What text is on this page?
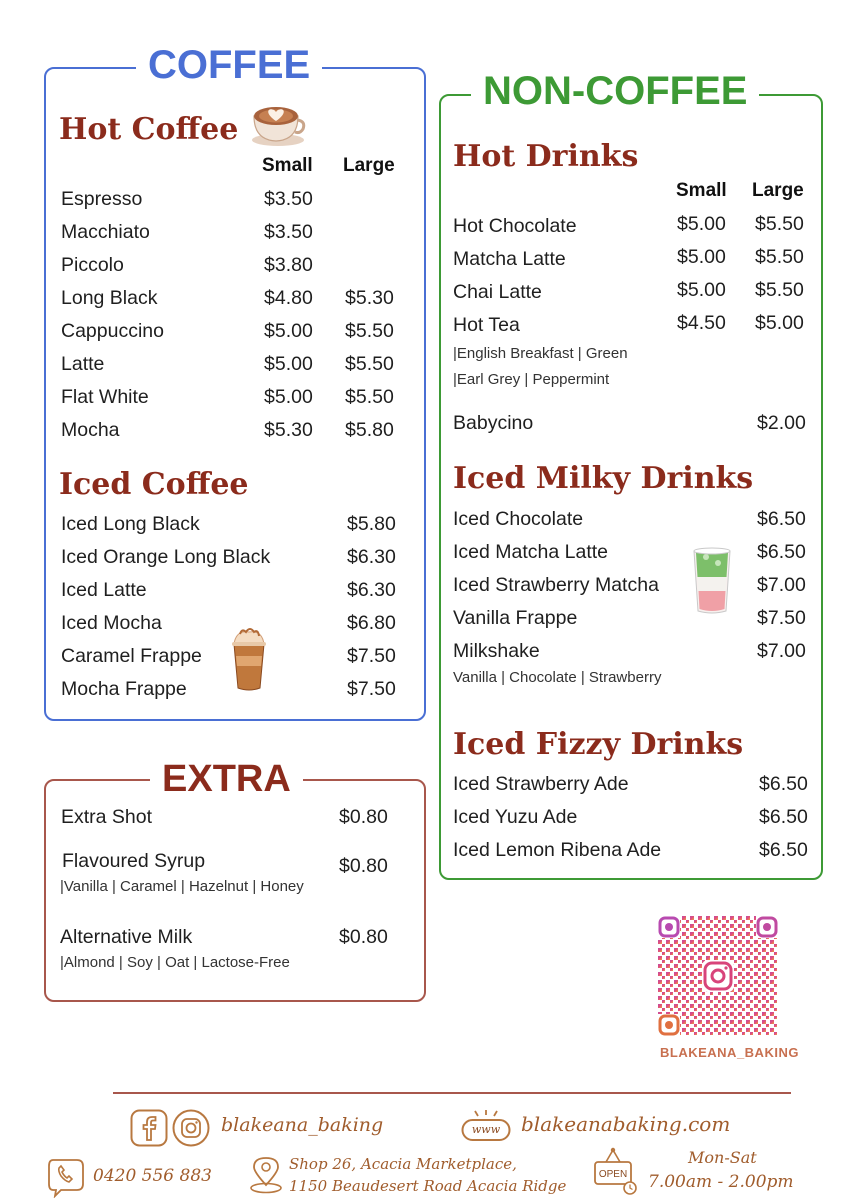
COFFEE
Hot Coffee
Small Large
Espresso	$3.50
Macchiato	$3.50
Piccolo	$3.80
Long Black	$4.80 $5.30
Cappuccino	$5.00 $5.50
Latte	$5.00 $5.50
Flat White	$5.00 $5.50
Mocha	$5.30 $5.80
Iced Coffee
Iced Long Black	$5.80
Iced Orange Long Black	$6.30
Iced Latte	$6.30
Iced Mocha	$6.80
Caramel Frappe	$7.50
Mocha Frappe	$7.50
NON-COFFEE
Hot Drinks
Small Large
Hot Chocolate	$5.00 $5.50
Matcha Latte	$5.00 $5.50
Chai Latte	$5.00 $5.50
Hot Tea	$4.50 $5.00
|English Breakfast | Green
|Earl Grey | Peppermint
Babycino	$2.00
Iced Milky Drinks
Iced Chocolate	$6.50
Iced Matcha Latte	$6.50
Iced Strawberry Matcha	$7.00
Vanilla Frappe	$7.50
Milkshake	$7.00
Vanilla | Chocolate | Strawberry
Iced Fizzy Drinks
Iced Strawberry Ade	$6.50
Iced Yuzu Ade	$6.50
Iced Lemon Ribena Ade	$6.50
EXTRA
Extra Shot	$0.80
Flavoured Syrup	$0.80
|Vanilla | Caramel | Hazelnut | Honey
Alternative Milk	$0.80
|Almond | Soy | Oat | Lactose-Free
BLAKEANA_BAKING
blakeana_baking	www	blakeanabaking.com
0420 556 883
Shop 26, Acacia Marketplace,
1150 Beaudesert Road Acacia Ridge
OPEN
Mon-Sat
7.00am - 2.00pm
